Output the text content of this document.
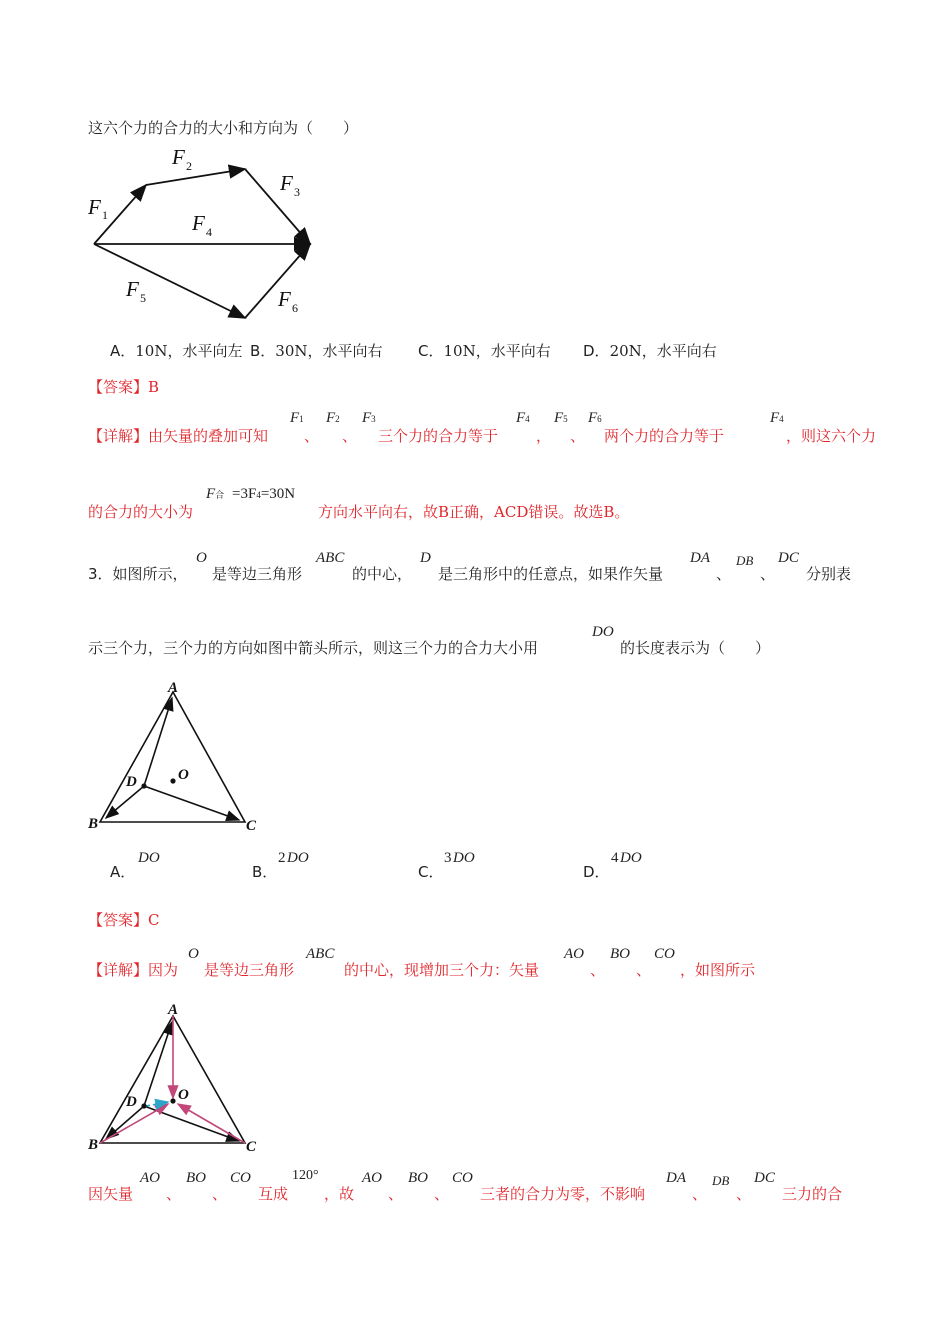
这六个力的合力的大小和方向为（　　）
F
F
F
F
F	F
1
2
3
4
5
6
A．10N，水平向左 B．30N，水平向右 C．10N，水平向右 D．20N，水平向右
【答案】B
【详解】由矢量的叠加可知
F1
、
F2
、
F3
三个力的合力等于
F4
，
F5
、
F6
两个力的合力等于
F4
，则这六个力
的合力的大小为
F合 =3F4=30N
方向水平向右，故B正确，ACD错误。故选B。
3．如图所示，
O
是等边三角形
ABC
的中心，
D
是三角形中的任意点，如果作矢量
DA
、
DB
、
DC
分别表
示三个力，三个力的方向如图中箭头所示，则这三个力的合力大小用
DO
的长度表示为（　　）
A
B	C
D	O
A．
DO
B．
2 DO
C．
3 DO
D．
4 DO
【答案】C
【详解】因为
O
是等边三角形
ABC
的中心，现增加三个力：矢量
AO
、
BO
、
CO
，如图所示
A
B	C
D	O
因矢量
AO
、
BO
、
CO
互成
120°
，故
AO
、
BO
、
CO
三者的合力为零，不影响
DA
、
DB
、
DC
三力的合
